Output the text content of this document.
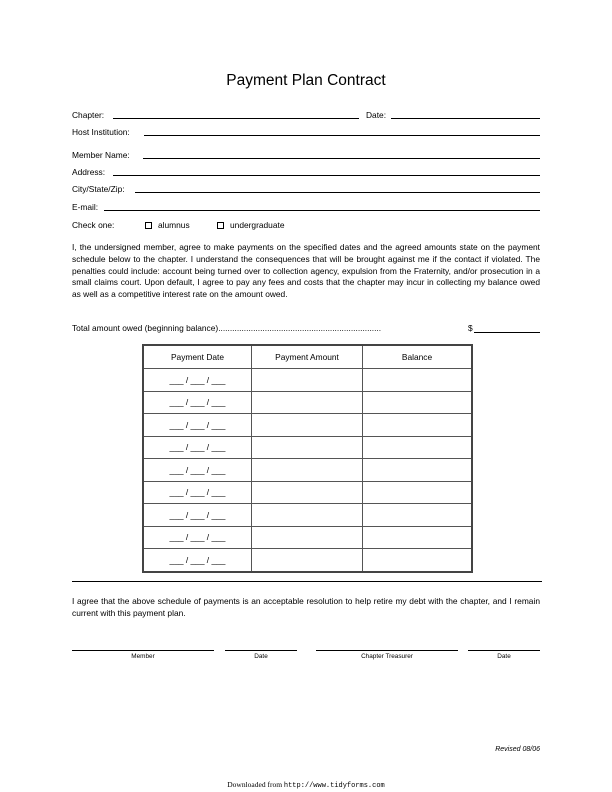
Payment Plan Contract
Chapter:	Date:
Host Institution:
Member Name:
Address:
City/State/Zip:
E-mail:
Check one:	alumnus	undergraduate
I, the undersigned member, agree to make payments on the specified dates and the agreed amounts state on the payment schedule below to the chapter. I understand the consequences that will be brought against me if the contact if violated. The penalties could include: account being turned over to collection agency, expulsion from the Fraternity, and/or prosecution in a small claims court. Upon default, I agree to pay any fees and costs that the chapter may incur in collecting my balance owed as well as a competitive interest rate on the amount owed.
Total amount owed (beginning balance)......................................................................	$
Payment Date	Payment Amount	Balance
___ / ___ / ___		
___ / ___ / ___		
___ / ___ / ___		
___ / ___ / ___		
___ / ___ / ___		
___ / ___ / ___		
___ / ___ / ___		
___ / ___ / ___		
___ / ___ / ___		
I agree that the above schedule of payments is an acceptable resolution to help retire my debt with the chapter, and I remain current with this payment plan.
Member	Date	Chapter Treasurer	Date
Revised 08/06
Downloaded from http://www.tidyforms.com
